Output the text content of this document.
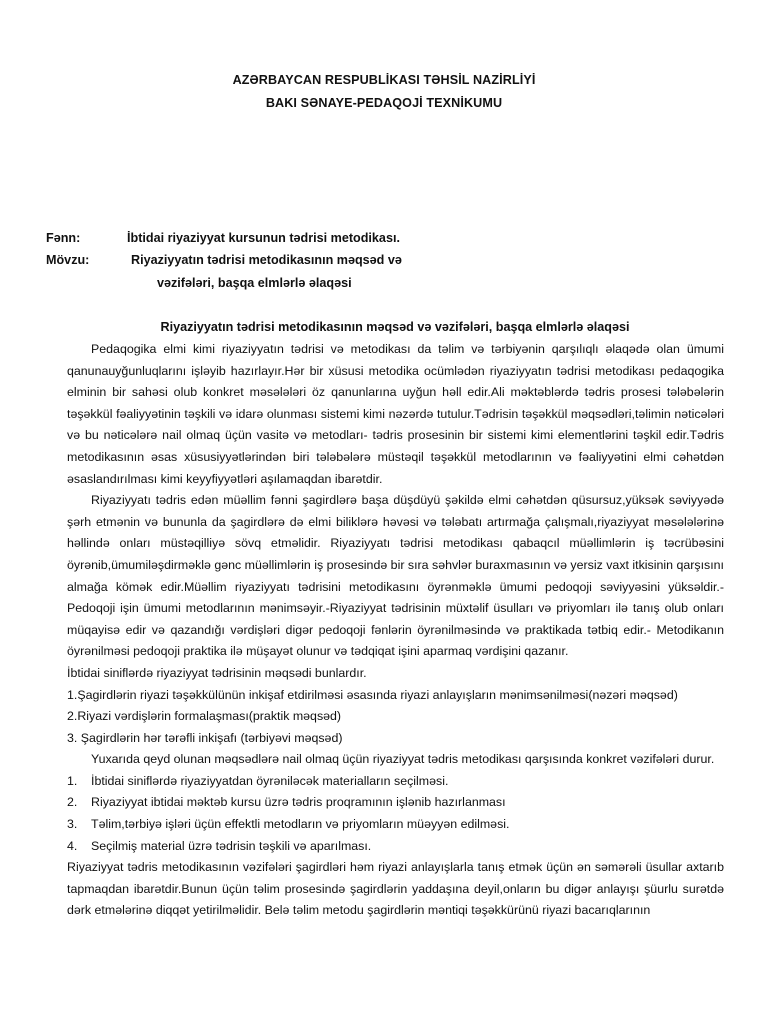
AZƏRBAYCAN RESPUBLİKASI TƏHSİL NAZİRLİYİ
BAKI SƏNAYE-PEDAQOJİ TEXNİKUMU
Fənn:	İbtidai riyaziyyat kursunun tədrisi metodikası.
Mövzu:	Riyaziyyatın tədrisi metodikasının məqsəd və
vəzifələri, başqa elmlərlə əlaqəsi
Riyaziyyatın tədrisi metodikasının məqsəd və vəzifələri, başqa elmlərlə əlaqəsi

Pedaqogika elmi kimi riyaziyyatın tədrisi və metodikası da təlim və tərbiyənin qarşılıqlı əlaqədə olan ümumi qanunauyğunluqlarını işləyib hazırlayır.Hər bir xüsusi metodika ocümlədən riyaziyyatın tədrisi metodikası pedaqogika elminin bir sahəsi olub konkret məsələləri öz qanunlarına uyğun həll edir.Ali məktəblərdə tədris prosesi tələbələrin təşəkkül fəaliyyətinin təşkili və idarə olunması sistemi kimi nəzərdə tutulur.Tədrisin təşəkkül məqsədləri,təlimin nəticələri və bu nəticələrə nail olmaq üçün vasitə və metodları- tədris prosesinin bir sistemi kimi elementlərini təşkil edir.Tədris metodikasının əsas xüsusiyyətlərindən biri tələbələrə müstəqil təşəkkül metodlarının və fəaliyyətini elmi cəhətdən əsaslandırılması kimi keyyfiyyətləri aşılamaqdan ibarətdir.

Riyaziyyatı tədris edən müəllim fənni şagirdlərə başa düşdüyü şəkildə elmi cəhətdən qüsursuz,yüksək səviyyədə şərh etmənin və bununla da şagirdlərə də elmi biliklərə həvəsi və tələbatı artırmağa çalışmalı,riyaziyyat məsələlərinə həllində onları müstəqilliyə sövq etməlidir. Riyaziyyatı tədrisi metodikası qabaqcıl müəllimlərin iş təcrübəsini öyrənib,ümumiləşdirməklə gənc müəllimlərin iş prosesində bir sıra səhvlər buraxmasının və yersiz vaxt itkisinin qarşısını almağa kömək edir.Müəllim riyaziyyatı tədrisini metodikasını öyrənməklə ümumi pedoqoji səviyyəsini yüksəldir.-Pedoqoji işin ümumi metodlarının mənimsəyir.-Riyaziyyat tədrisinin müxtəlif üsulları və priyomları ilə tanış olub onları müqayisə edir və qazandığı vərdişləri digər pedoqoji fənlərin öyrənilməsində və praktikada tətbiq edir.- Metodikanın öyrənilməsi pedoqoji praktika ilə müşayət olunur və tədqiqat işini aparmaq vərdişini qazanır.

İbtidai siniflərdə riyaziyyat tədrisinin məqsədi bunlardır.

1.Şagirdlərin riyazi təşəkkülünün inkişaf etdirilməsi əsasında riyazi anlayışların mənimsənilməsi(nəzəri məqsəd)

2.Riyazi vərdişlərin formalaşması(praktik məqsəd)

3. Şagirdlərin hər tərəfli inkişafı (tərbiyəvi məqsəd)

Yuxarıda qeyd olunan məqsədlərə nail olmaq üçün riyaziyyat tədris metodikası qarşısında konkret vəzifələri durur.

1.	İbtidai siniflərdə riyaziyyatdan öyrəniləcək materialların seçilməsi.
2.	Riyaziyyat ibtidai məktəb kursu üzrə tədris proqramının işlənib hazırlanması
3.	Təlim,tərbiyə işləri üçün effektli metodların və priyomların müəyyən edilməsi.
4.	Seçilmiş material üzrə tədrisin təşkili və aparılması.

Riyaziyyat tədris metodikasının vəzifələri şagirdləri həm riyazi anlayışlarla tanış etmək üçün ən səmərəli üsullar axtarıb tapmaqdan ibarətdir.Bunun üçün təlim prosesində şagirdlərin yaddaşına deyil,onların bu digər anlayışı şüurlu surətdə dərk etmələrinə diqqət yetirilməlidir. Belə təlim metodu şagirdlərin məntiqi təşəkkürünü riyazi bacarıqlarının
